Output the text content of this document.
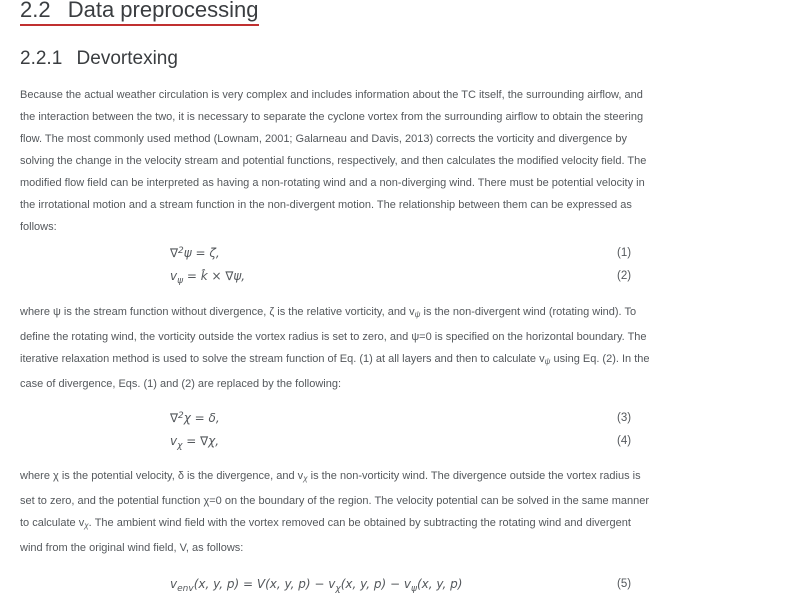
2.2 Data preprocessing
2.2.1 Devortexing
Because the actual weather circulation is very complex and includes information about the TC itself, the surrounding airflow, and
the interaction between the two, it is necessary to separate the cyclone vortex from the surrounding airflow to obtain the steering
flow. The most commonly used method (Lownam, 2001; Galarneau and Davis, 2013) corrects the vorticity and divergence by
solving the change in the velocity stream and potential functions, respectively, and then calculates the modified velocity field. The
modified flow field can be interpreted as having a non-rotating wind and a non-diverging wind. There must be potential velocity in
the irrotational motion and a stream function in the non-divergent motion. The relationship between them can be expressed as
follows:
∇$^2$ψ = ζ,	(1)
$v_\psi$ = k̂ × ∇ψ,	(2)
where ψ is the stream function without divergence, ζ is the relative vorticity, and $v_\psi$ is the non-divergent wind (rotating wind). To
define the rotating wind, the vorticity outside the vortex radius is set to zero, and ψ=0 is specified on the horizontal boundary. The
iterative relaxation method is used to solve the stream function of Eq. (1) at all layers and then to calculate $v_\psi$ using Eq. (2). In the
case of divergence, Eqs. (1) and (2) are replaced by the following:
∇$^2$χ = δ,	(3)
$v_\chi = \nabla\chi$,	(4)
where χ is the potential velocity, δ is the divergence, and $v_\chi$ is the non-vorticity wind. The divergence outside the vortex radius is
set to zero, and the potential function χ=0 on the boundary of the region. The velocity potential can be solved in the same manner
to calculate $v_\chi$. The ambient wind field with the vortex removed can be obtained by subtracting the rotating wind and divergent
wind from the original wind field, V, as follows:
$v_{env}(x$, y, p) = V(x, y, $p) - v_\chi(x$, y, $p) - v_\psi(x$, y, p)	(5)
